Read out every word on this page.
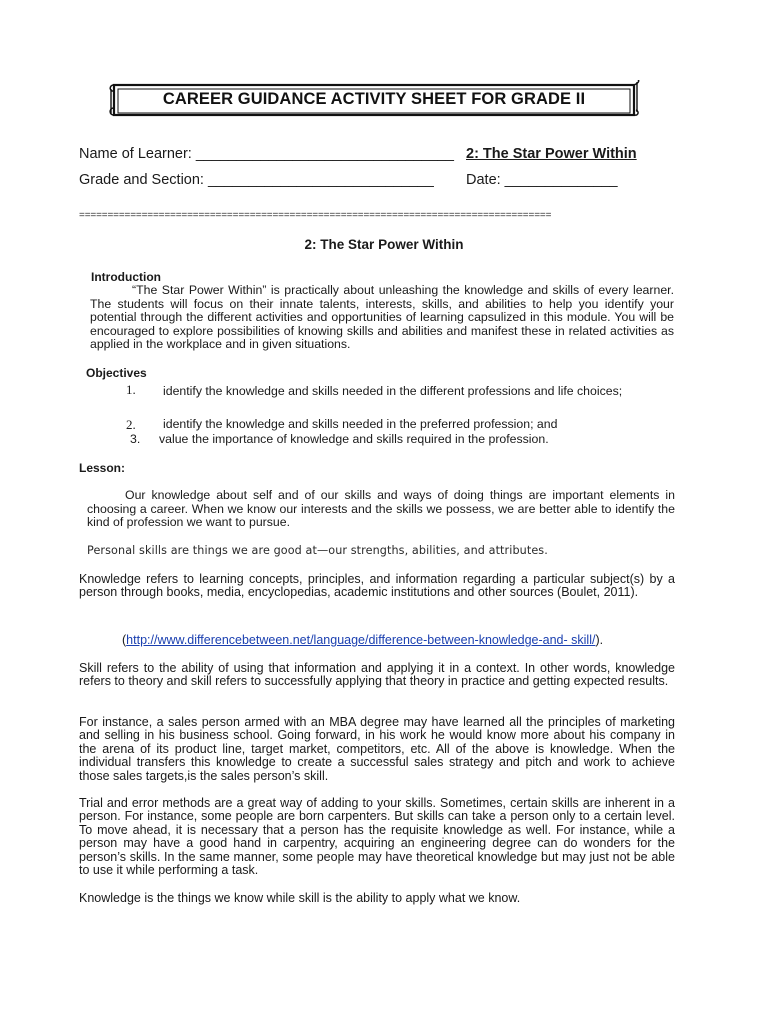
CAREER GUIDANCE ACTIVITY SHEET FOR GRADE II
Name of Learner: ________________________________ 2: The Star Power Within
Grade and Section: ____________________________ Date: ______________
===================================================================================
2: The Star Power Within
Introduction
“The Star Power Within” is practically about unleashing the knowledge and skills of every learner. The students will focus on their innate talents, interests, skills, and abilities to help you identify your potential through the different activities and opportunities of learning capsulized in this module. You will be encouraged to explore possibilities of knowing skills and abilities and manifest these in related activities as applied in the workplace and in given situations.
Objectives
1. identify the knowledge and skills needed in the different professions and life choices;
2. identify the knowledge and skills needed in the preferred profession; and
3. value the importance of knowledge and skills required in the profession.
Lesson:
Our knowledge about self and of our skills and ways of doing things are important elements in choosing a career. When we know our interests and the skills we possess, we are better able to identify the kind of profession we want to pursue.
Personal skills are things we are good at—our strengths, abilities, and attributes.
Knowledge refers to learning concepts, principles, and information regarding a particular subject(s) by a person through books, media, encyclopedias, academic institutions and other sources (Boulet, 2011).
(http://www.differencebetween.net/language/difference-between-knowledge-and- skill/).
Skill refers to the ability of using that information and applying it in a context. In other words, knowledge refers to theory and skill refers to successfully applying that theory in practice and getting expected results.
For instance, a sales person armed with an MBA degree may have learned all the principles of marketing and selling in his business school. Going forward, in his work he would know more about his company in the arena of its product line, target market, competitors, etc. All of the above is knowledge. When the individual transfers this knowledge to create a successful sales strategy and pitch and work to achieve those sales targets,is the sales person’s skill.
Trial and error methods are a great way of adding to your skills. Sometimes, certain skills are inherent in a person. For instance, some people are born carpenters. But skills can take a person only to a certain level. To move ahead, it is necessary that a person has the requisite knowledge as well. For instance, while a person may have a good hand in carpentry, acquiring an engineering degree can do wonders for the person’s skills. In the same manner, some people may have theoretical knowledge but may just not be able to use it while performing a task.
Knowledge is the things we know while skill is the ability to apply what we know.
